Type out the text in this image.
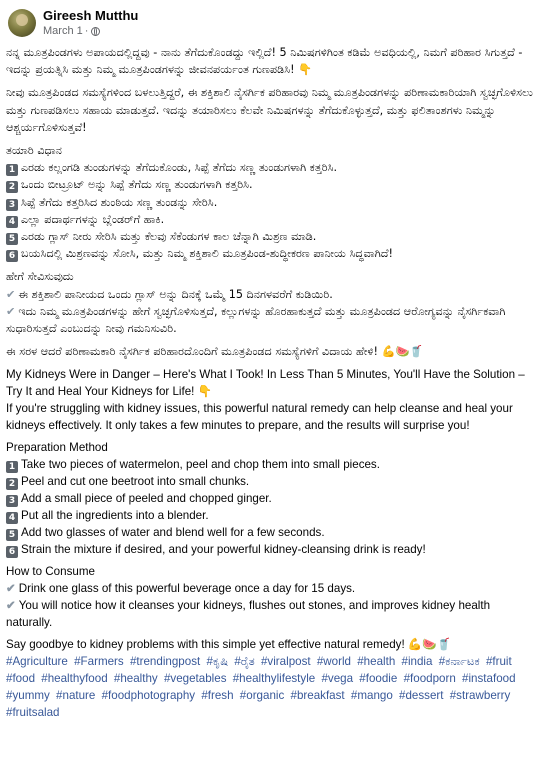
Gireesh Mutthu
March 1 ·

ನನ್ನ ಮೂತ್ರಪಿಂಡಗಳು ಅಪಾಯದಲ್ಲಿದ್ದವು - ನಾನು ತೆಗೆದುಕೊಂಡದ್ದು ಇಲ್ಲಿದೆ! 5 ನಿಮಿಷಗಳಿಗಿಂತ ಕಡಿಮೆ ಅವಧಿಯಲ್ಲಿ, ನಿಮಗೆ ಪರಿಹಾರ ಸಿಗುತ್ತದೆ - ಇದನ್ನು ಪ್ರಯತ್ನಿಸಿ ಮತ್ತು ನಿಮ್ಮ ಮೂತ್ರಪಿಂಡಗಳನ್ನು ಜೀವನಪರ್ಯಂತ ಗುಣಪಡಿಸಿ! 👇

ನೀವು ಮೂತ್ರಪಿಂಡದ ಸಮಸ್ಯೆಗಳಿಂದ ಬಳಲುತ್ತಿದ್ದರೆ, ಈ ಶಕ್ತಿಶಾಲಿ ನೈಸರ್ಗಿಕ ಪರಿಹಾರವು ನಿಮ್ಮ ಮೂತ್ರಪಿಂಡಗಳನ್ನು ಪರಿಣಾಮಕಾರಿಯಾಗಿ ಸ್ವಚ್ಛಗೊಳಿಸಲು ಮತ್ತು ಗುಣಪಡಿಸಲು ಸಹಾಯ ಮಾಡುತ್ತದೆ. ಇದನ್ನು ತಯಾರಿಸಲು ಕೆಲವೇ ನಿಮಿಷಗಳನ್ನು ತೆಗೆದುಕೊಳ್ಳುತ್ತದೆ, ಮತ್ತು ಫಲಿತಾಂಶಗಳು ನಿಮ್ಮನ್ನು ಆಶ್ಚರ್ಯಗೊಳಿಸುತ್ತವೆ!

ತಯಾರಿ ವಿಧಾನ

1 ಎರಡು ಕಲ್ಲಂಗಡಿ ತುಂಡುಗಳನ್ನು ತೆಗೆದುಕೊಂಡು, ಸಿಪ್ಪೆ ತೆಗೆದು ಸಣ್ಣ ತುಂಡುಗಳಾಗಿ ಕತ್ತರಿಸಿ.

2 ಒಂದು ಬೀಟ್ರೂಟ್ ಅನ್ನು ಸಿಪ್ಪೆ ತೆಗೆದು ಸಣ್ಣ ತುಂಡುಗಳಾಗಿ ಕತ್ತರಿಸಿ.

3 ಸಿಪ್ಪೆ ತೆಗೆದು ಕತ್ತರಿಸಿದ ಶುಂಠಿಯ ಸಣ್ಣ ತುಂಡನ್ನು ಸೇರಿಸಿ.

4 ಎಲ್ಲಾ ಪದಾರ್ಥಗಳನ್ನು ಬ್ಲೆಂಡರ್‌ಗೆ ಹಾಕಿ.

5 ಎರಡು ಗ್ಲಾಸ್ ನೀರು ಸೇರಿಸಿ ಮತ್ತು ಕೆಲವು ಸೆಕೆಂಡುಗಳ ಕಾಲ ಚೆನ್ನಾಗಿ ಮಿಶ್ರಣ ಮಾಡಿ.

6 ಬಯಸಿದಲ್ಲಿ ಮಿಶ್ರಣವನ್ನು ಸೋಸಿ, ಮತ್ತು ನಿಮ್ಮ ಶಕ್ತಿಶಾಲಿ ಮೂತ್ರಪಿಂಡ-ಶುದ್ಧೀಕರಣ ಪಾನೀಯ ಸಿದ್ಧವಾಗಿದೆ!

ಹೇಗೆ ಸೇವಿಸುವುದು

✔ ಈ ಶಕ್ತಿಶಾಲಿ ಪಾನೀಯದ ಒಂದು ಗ್ಲಾಸ್ ಅನ್ನು ದಿನಕ್ಕೆ ಒಮ್ಮೆ 15 ದಿನಗಳವರೆಗೆ ಕುಡಿಯಿರಿ.

✔ ಇದು ನಿಮ್ಮ ಮೂತ್ರಪಿಂಡಗಳನ್ನು ಹೇಗೆ ಸ್ವಚ್ಛಗೊಳಿಸುತ್ತದೆ, ಕಲ್ಲುಗಳನ್ನು ಹೊರಹಾಕುತ್ತದೆ ಮತ್ತು ಮೂತ್ರಪಿಂಡದ ಆರೋಗ್ಯವನ್ನು ನೈಸರ್ಗಿಕವಾಗಿ ಸುಧಾರಿಸುತ್ತದೆ ಎಂಬುದನ್ನು ನೀವು ಗಮನಿಸುವಿರಿ.

ಈ ಸರಳ ಆದರೆ ಪರಿಣಾಮಕಾರಿ ನೈಸರ್ಗಿಕ ಪರಿಹಾರದೊಂದಿಗೆ ಮೂತ್ರಪಿಂಡದ ಸಮಸ್ಯೆಗಳಿಗೆ ವಿದಾಯ ಹೇಳಿ! 💪🍉🥤

My Kidneys Were in Danger – Here's What I Took! In Less Than 5 Minutes, You'll Have the Solution – Try It and Heal Your Kidneys for Life! 👇

If you're struggling with kidney issues, this powerful natural remedy can help cleanse and heal your kidneys effectively. It only takes a few minutes to prepare, and the results will surprise you!

Preparation Method

1 Take two pieces of watermelon, peel and chop them into small pieces.

2 Peel and cut one beetroot into small chunks.

3 Add a small piece of peeled and chopped ginger.

4 Put all the ingredients into a blender.

5 Add two glasses of water and blend well for a few seconds.

6 Strain the mixture if desired, and your powerful kidney-cleansing drink is ready!

How to Consume

✔ Drink one glass of this powerful beverage once a day for 15 days.

✔ You will notice how it cleanses your kidneys, flushes out stones, and improves kidney health naturally.

Say goodbye to kidney problems with this simple yet effective natural remedy! 💪🍉🥤

#Agriculture #Farmers #trendingpost #ಕೃಷಿ #ರೈತ #viralpost #world #health #india #ಕರ್ನಾಟಕ #fruit #food #healthyfood #healthy #vegetables #healthylifestyle #vega #foodie #foodporn #instafood #yummy #nature #foodphotography #fresh #organic #breakfast #mango #dessert #strawberry #fruitsalad
